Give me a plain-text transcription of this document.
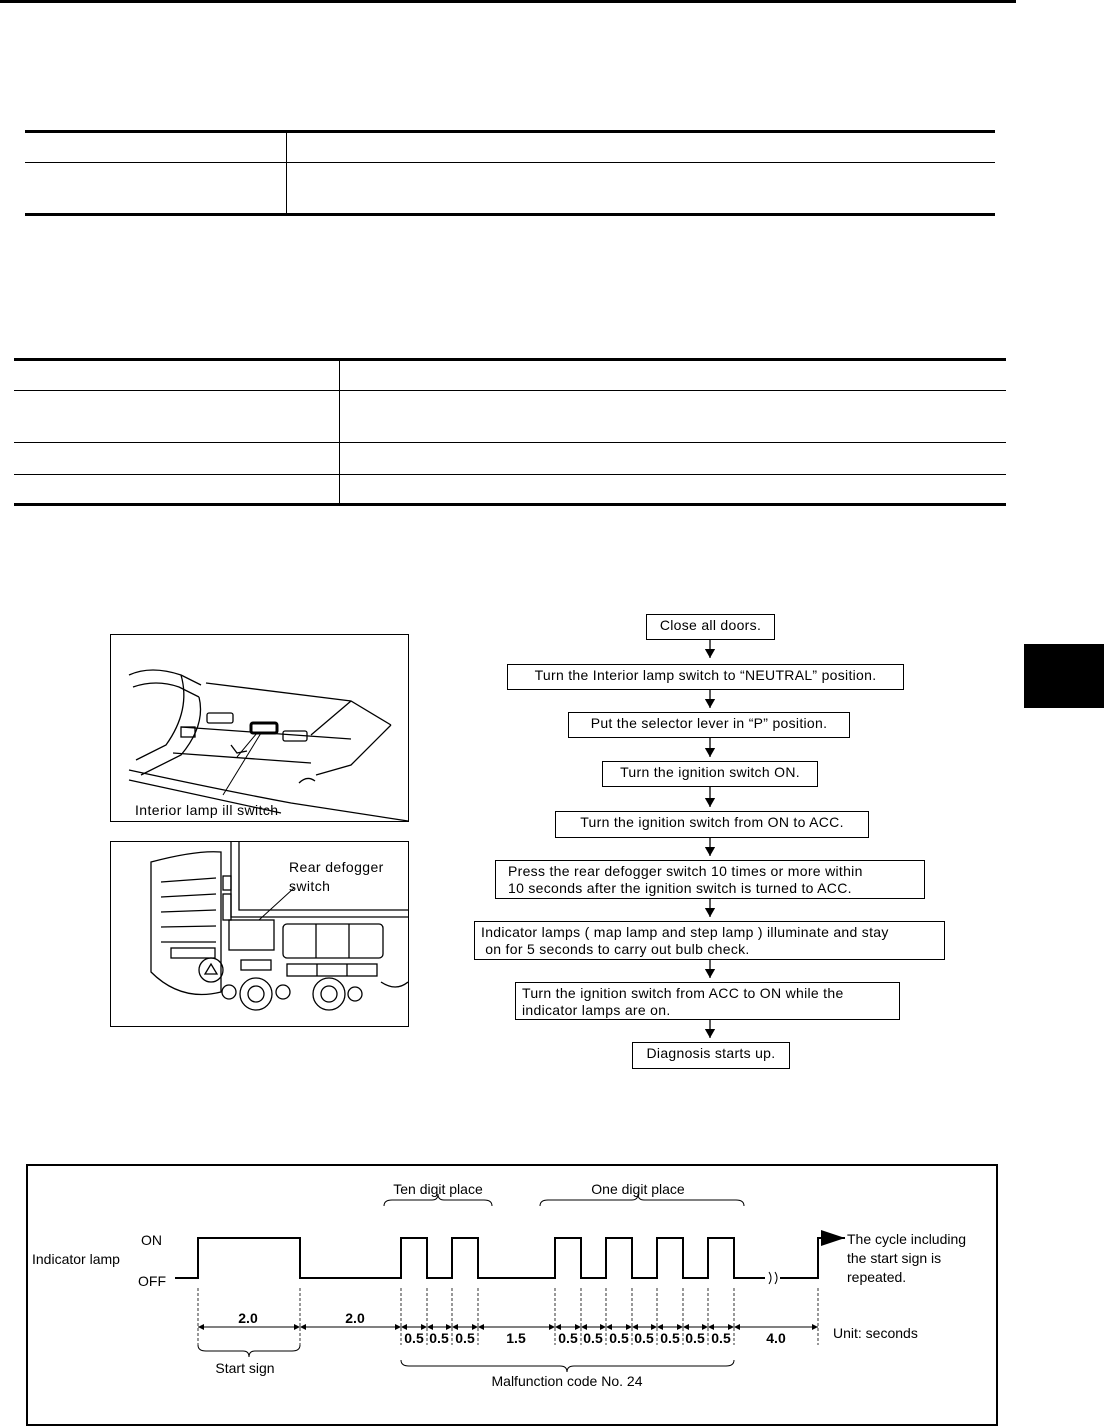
Interior lamp ill switch
Rear defogger
switch
Close all doors.
Turn the Interior lamp switch to “NEUTRAL” position.
Put the selector lever in “P” position.
Turn the ignition switch ON.
Turn the ignition switch from ON to ACC.
Press the rear defogger switch 10 times or more within
10 seconds after the ignition switch is turned to ACC.
Indicator lamps ( map lamp and step lamp ) illuminate and stay
on for 5 seconds to carry out bulb check.
Turn the ignition switch from ACC to ON while the
indicator lamps are on.
Diagnosis starts up.
Ten digit place	One digit place
ON
Indicator lamp
OFF
The cycle including
the start sign is
repeated.
Unit: seconds
Start sign
Malfunction code No. 24
2.0	2.0
0.5 0.5 0.5 1.5 0.5 0.5 0.5 0.5 0.5 0.5 0.5	4.0
